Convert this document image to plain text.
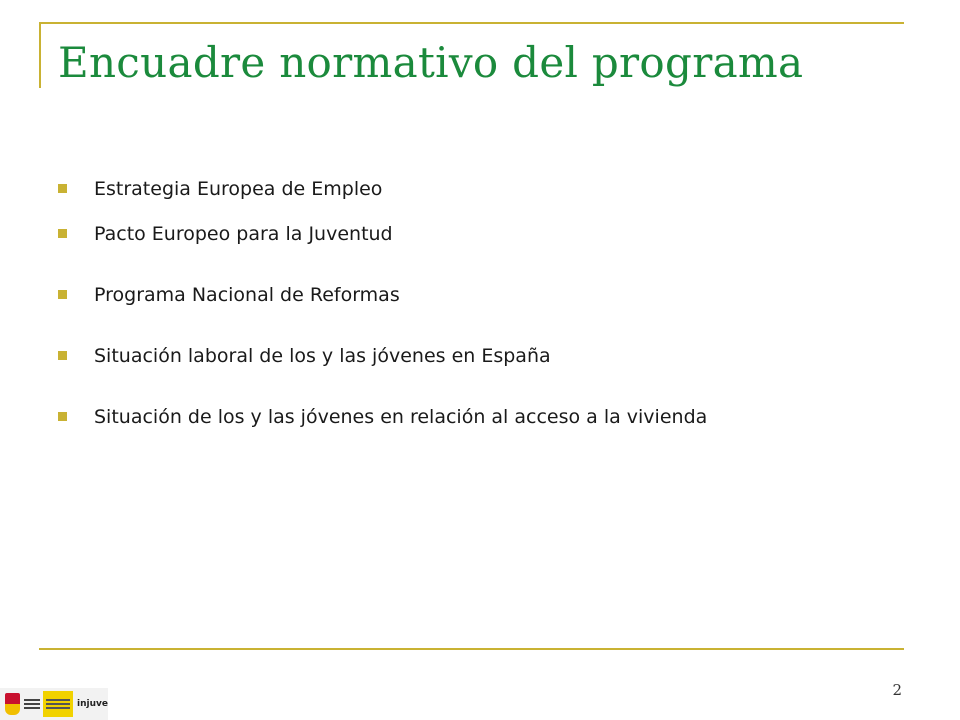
Encuadre normativo del programa
Estrategia Europea de Empleo
Pacto Europeo para la Juventud
Programa Nacional de Reformas
Situación laboral de los y las jóvenes en España
Situación de los y las jóvenes en relación al acceso a la vivienda
2
injuve
